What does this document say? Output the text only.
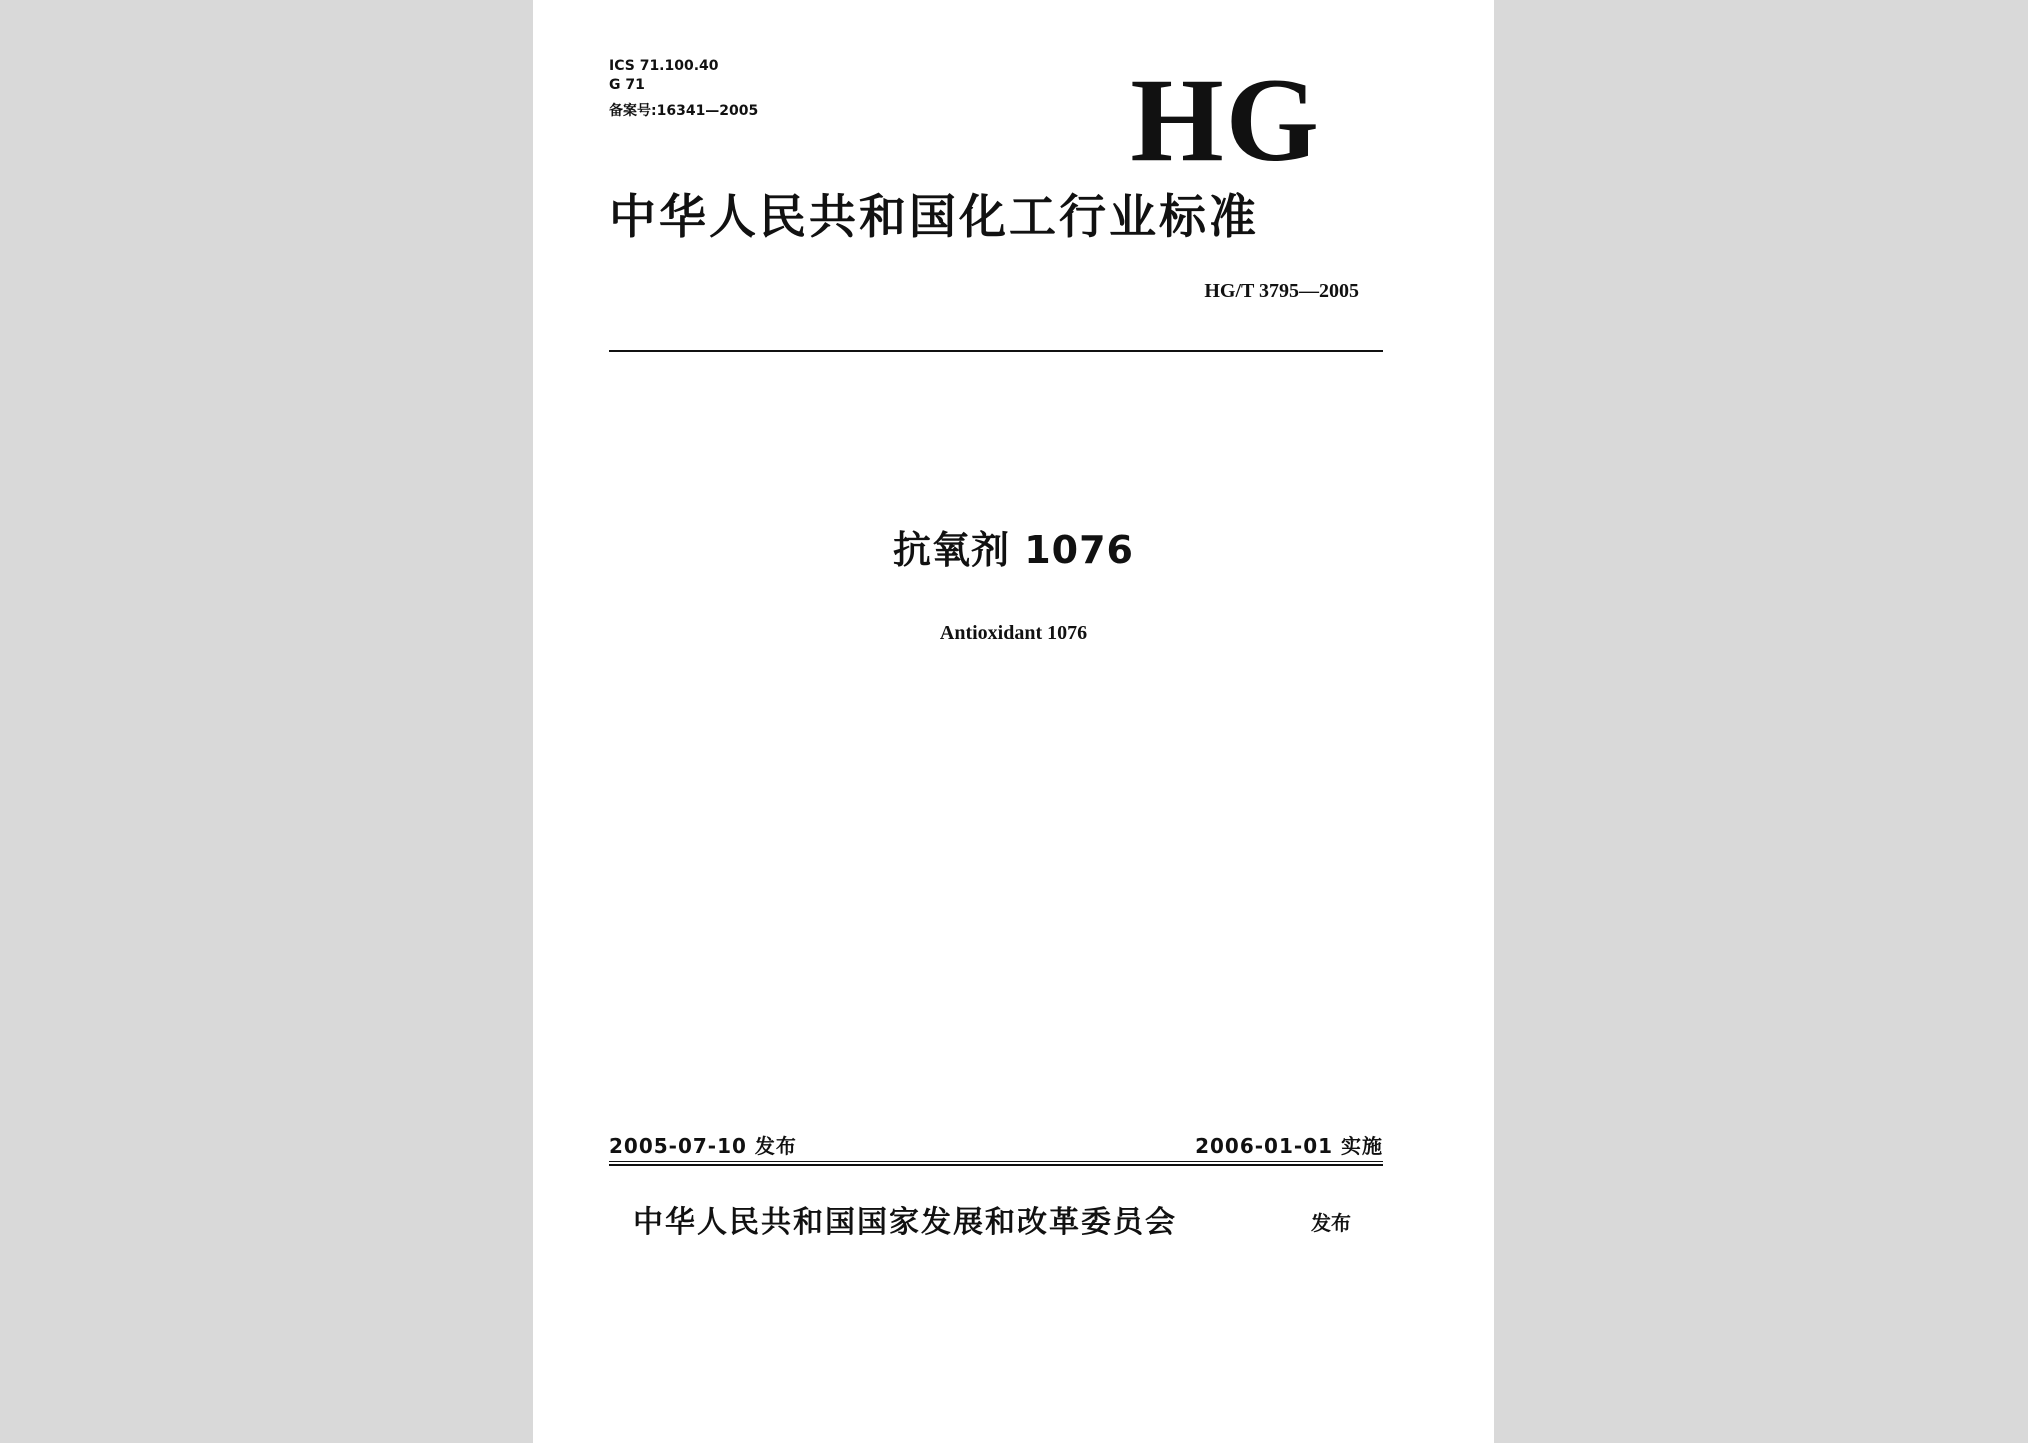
ICS 71.100.40
G 71
备案号:16341—2005	HG
中华人民共和国化工行业标准
HG/T 3795—2005
抗氧剂 1076
Antioxidant 1076
2005-07-10 发布	2006-01-01 实施
中华人民共和国国家发展和改革委员会	发布
